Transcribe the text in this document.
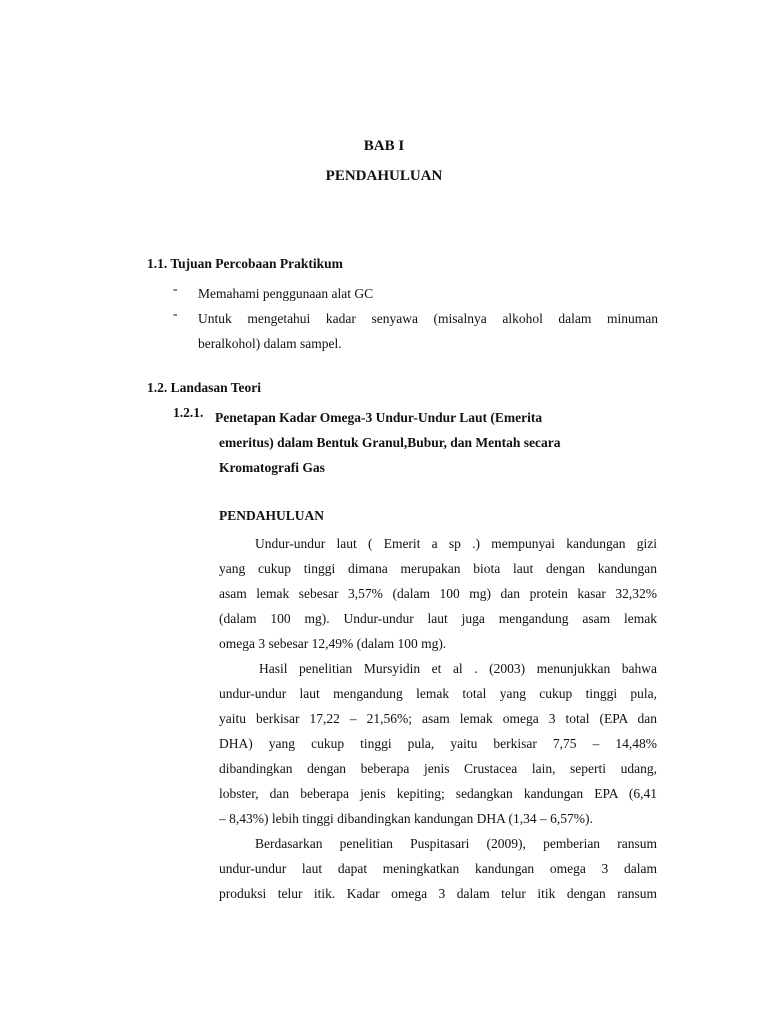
BAB I
PENDAHULUAN
1.1. Tujuan Percobaan Praktikum
- Memahami penggunaan alat GC
- Untuk mengetahui kadar senyawa (misalnya alkohol dalam minuman
beralkohol) dalam sampel.
1.2. Landasan Teori
1.2.1. Penetapan Kadar Omega-3 Undur-Undur Laut (Emerita
emeritus) dalam Bentuk Granul,Bubur, dan Mentah secara
Kromatografi Gas
PENDAHULUAN
Undur-undur laut ( Emerit a sp .) mempunyai kandungan gizi
yang cukup tinggi dimana merupakan biota laut dengan kandungan
asam lemak sebesar 3,57% (dalam 100 mg) dan protein kasar 32,32%
(dalam 100 mg). Undur-undur laut juga mengandung asam lemak
omega 3 sebesar 12,49% (dalam 100 mg).
Hasil penelitian Mursyidin et al . (2003) menunjukkan bahwa
undur-undur laut mengandung lemak total yang cukup tinggi pula,
yaitu berkisar 17,22 – 21,56%; asam lemak omega 3 total (EPA dan
DHA) yang cukup tinggi pula, yaitu berkisar 7,75 – 14,48%
dibandingkan dengan beberapa jenis Crustacea lain, seperti udang,
lobster, dan beberapa jenis kepiting; sedangkan kandungan EPA (6,41
– 8,43%) lebih tinggi dibandingkan kandungan DHA (1,34 – 6,57%).
Berdasarkan penelitian Puspitasari (2009), pemberian ransum
undur-undur laut dapat meningkatkan kandungan omega 3 dalam
produksi telur itik. Kadar omega 3 dalam telur itik dengan ransum
